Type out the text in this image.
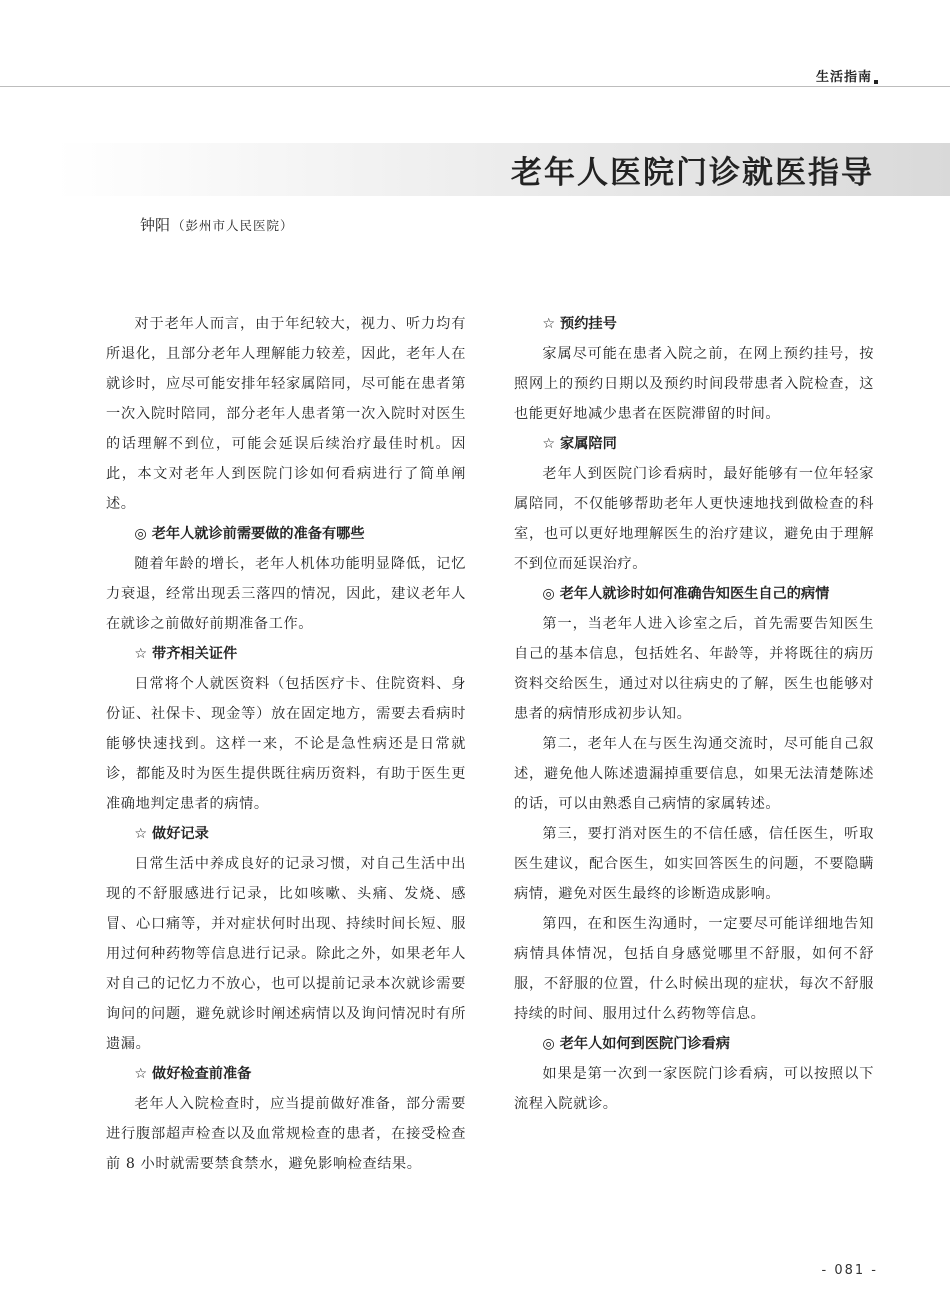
生活指南
老年人医院门诊就医指导
钟阳 （彭州市人民医院）

对于老年人而言，由于年纪较大，视力、听力均有所退化，且部分老年人理解能力较差，因此，老年人在就诊时，应尽可能安排年轻家属陪同，尽可能在患者第一次入院时陪同，部分老年人患者第一次入院时对医生的话理解不到位，可能会延误后续治疗最佳时机。因此，本文对老年人到医院门诊如何看病进行了简单阐述。

◎ 老年人就诊前需要做的准备有哪些

随着年龄的增长，老年人机体功能明显降低，记忆力衰退，经常出现丢三落四的情况，因此，建议老年人在就诊之前做好前期准备工作。

☆ 带齐相关证件

日常将个人就医资料（包括医疗卡、住院资料、身份证、社保卡、现金等）放在固定地方，需要去看病时能够快速找到。这样一来，不论是急性病还是日常就诊，都能及时为医生提供既往病历资料，有助于医生更准确地判定患者的病情。

☆ 做好记录

日常生活中养成良好的记录习惯，对自己生活中出现的不舒服感进行记录，比如咳嗽、头痛、发烧、感冒、心口痛等，并对症状何时出现、持续时间长短、服用过何种药物等信息进行记录。除此之外，如果老年人对自己的记忆力不放心，也可以提前记录本次就诊需要询问的问题，避免就诊时阐述病情以及询问情况时有所遗漏。

☆ 做好检查前准备

老年人入院检查时，应当提前做好准备，部分需要进行腹部超声检查以及血常规检查的患者，在接受检查前 8 小时就需要禁食禁水，避免影响检查结果。

☆ 预约挂号

家属尽可能在患者入院之前，在网上预约挂号，按照网上的预约日期以及预约时间段带患者入院检查，这也能更好地减少患者在医院滞留的时间。

☆ 家属陪同

老年人到医院门诊看病时，最好能够有一位年轻家属陪同，不仅能够帮助老年人更快速地找到做检查的科室，也可以更好地理解医生的治疗建议，避免由于理解不到位而延误治疗。

◎ 老年人就诊时如何准确告知医生自己的病情

第一，当老年人进入诊室之后，首先需要告知医生自己的基本信息，包括姓名、年龄等，并将既往的病历资料交给医生，通过对以往病史的了解，医生也能够对患者的病情形成初步认知。

第二，老年人在与医生沟通交流时，尽可能自己叙述，避免他人陈述遗漏掉重要信息，如果无法清楚陈述的话，可以由熟悉自己病情的家属转述。

第三，要打消对医生的不信任感，信任医生，听取医生建议，配合医生，如实回答医生的问题，不要隐瞒病情，避免对医生最终的诊断造成影响。

第四，在和医生沟通时，一定要尽可能详细地告知病情具体情况，包括自身感觉哪里不舒服，如何不舒服，不舒服的位置，什么时候出现的症状，每次不舒服持续的时间、服用过什么药物等信息。

◎ 老年人如何到医院门诊看病

如果是第一次到一家医院门诊看病，可以按照以下流程入院就诊。

- 081 -
